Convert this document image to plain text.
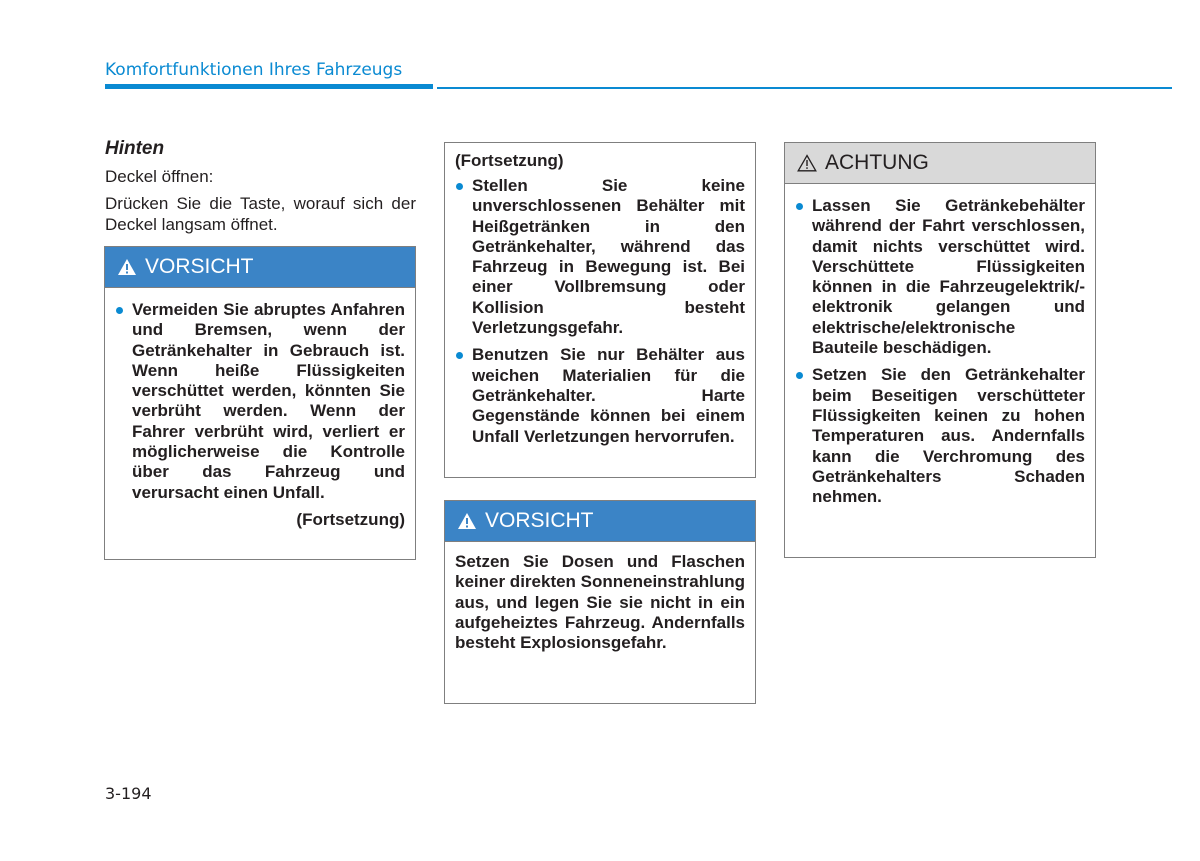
Komfortfunktionen Ihres Fahrzeugs

Hinten

Deckel öffnen:

Drücken Sie die Taste, worauf sich der Deckel langsam öffnet.

VORSICHT
Vermeiden Sie abruptes Anfahren und Bremsen, wenn der Getränkehalter in Gebrauch ist. Wenn heiße Flüssigkeiten verschüttet werden, könnten Sie verbrüht werden. Wenn der Fahrer verbrüht wird, verliert er möglicherweise die Kontrolle über das Fahrzeug und verursacht einen Unfall.

(Fortsetzung)

(Fortsetzung)

Stellen Sie keine unverschlossenen Behälter mit Heißgetränken in den Getränkehalter, während das Fahrzeug in Bewegung ist. Bei einer Vollbremsung oder Kollision besteht Verletzungsgefahr.
Benutzen Sie nur Behälter aus weichen Materialien für die Getränkehalter. Harte Gegenstände können bei einem Unfall Verletzungen hervorrufen.
VORSICHT

Setzen Sie Dosen und Flaschen keiner direkten Sonneneinstrahlung aus, und legen Sie sie nicht in ein aufgeheiztes Fahrzeug. Andernfalls besteht Explosionsgefahr.

ACHTUNG
Lassen Sie Getränkebehälter während der Fahrt verschlossen, damit nichts verschüttet wird. Verschüttete Flüssigkeiten können in die Fahrzeugelektrik/-elektronik gelangen und elektrische/elektronische Bauteile beschädigen.
Setzen Sie den Getränkehalter beim Beseitigen verschütteter Flüssigkeiten keinen zu hohen Temperaturen aus. Andernfalls kann die Verchromung des Getränkehalters Schaden nehmen.
3-194
